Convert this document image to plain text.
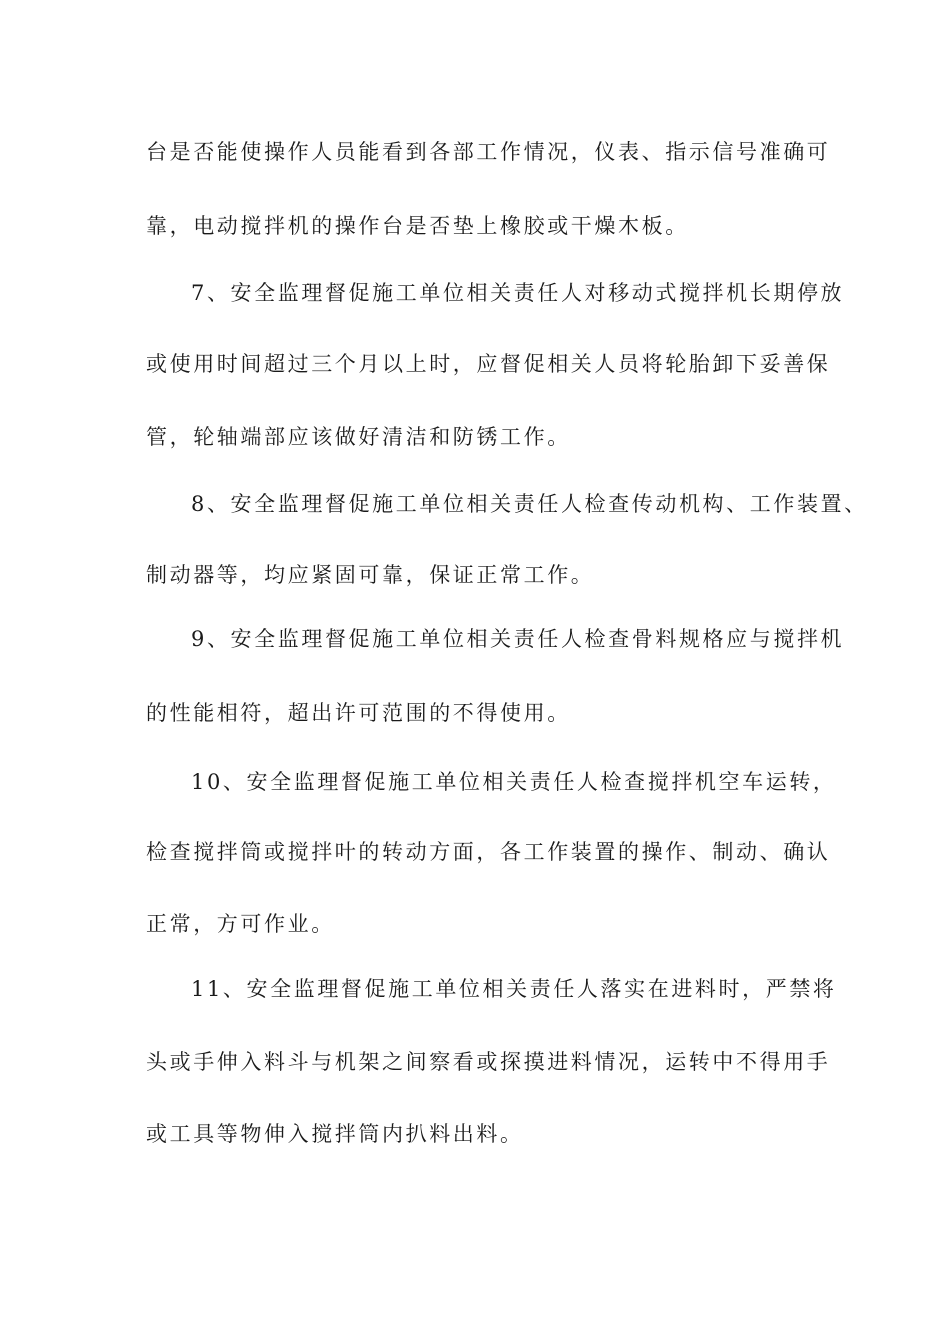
台是否能使操作人员能看到各部工作情况，仪表、指示信号准确可
靠，电动搅拌机的操作台是否垫上橡胶或干燥木板。
7、安全监理督促施工单位相关责任人对移动式搅拌机长期停放
或使用时间超过三个月以上时，应督促相关人员将轮胎卸下妥善保
管，轮轴端部应该做好清洁和防锈工作。
8、安全监理督促施工单位相关责任人检查传动机构、工作装置、
制动器等，均应紧固可靠，保证正常工作。
9、安全监理督促施工单位相关责任人检查骨料规格应与搅拌机
的性能相符，超出许可范围的不得使用。
10、安全监理督促施工单位相关责任人检查搅拌机空车运转，
检查搅拌筒或搅拌叶的转动方面，各工作装置的操作、制动、确认
正常，方可作业。
11、安全监理督促施工单位相关责任人落实在进料时，严禁将
头或手伸入料斗与机架之间察看或探摸进料情况，运转中不得用手
或工具等物伸入搅拌筒内扒料出料。
